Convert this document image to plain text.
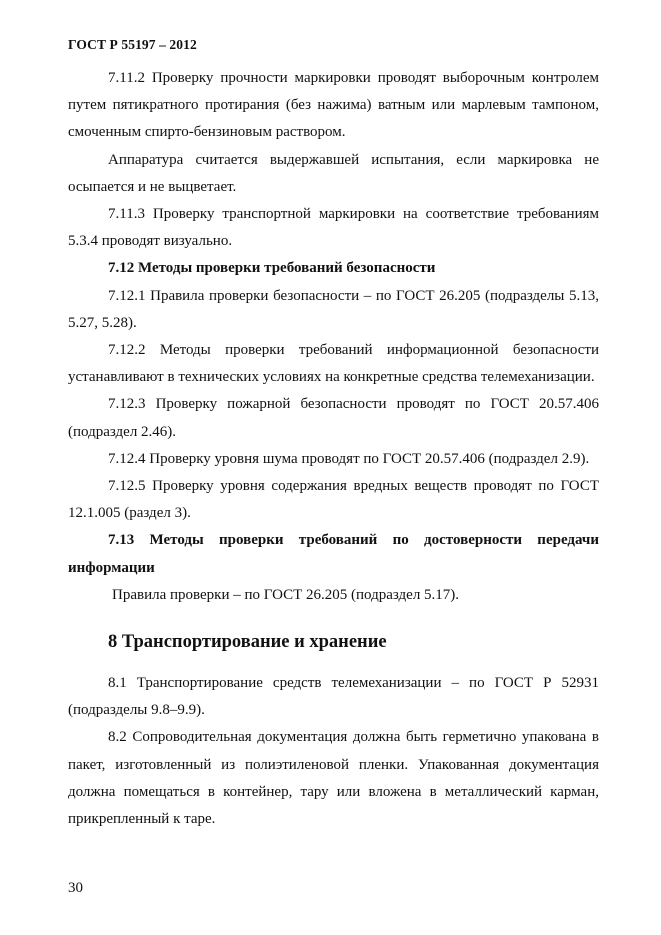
ГОСТ Р 55197 – 2012

7.11.2 Проверку прочности маркировки проводят выборочным контролем путем пятикратного протирания (без нажима) ватным или марлевым тампоном, смоченным спирто-бензиновым раствором.

Аппаратура считается выдержавшей испытания, если маркировка не осыпается и не выцветает.

7.11.3 Проверку транспортной маркировки на соответствие требованиям 5.3.4 проводят визуально.

7.12 Методы проверки требований безопасности

7.12.1 Правила проверки безопасности – по ГОСТ 26.205 (подразделы 5.13, 5.27, 5.28).

7.12.2 Методы проверки требований информационной безопасности устанавливают в технических условиях на конкретные средства телемеханизации.

7.12.3 Проверку пожарной безопасности проводят по ГОСТ 20.57.406 (подраздел 2.46).

7.12.4 Проверку уровня шума проводят по ГОСТ 20.57.406 (подраздел 2.9).

7.12.5 Проверку уровня содержания вредных веществ проводят по ГОСТ 12.1.005 (раздел 3).

7.13 Методы проверки требований по достоверности передачи информации

Правила проверки – по ГОСТ 26.205 (подраздел 5.17).

8 Транспортирование и хранение

8.1 Транспортирование средств телемеханизации – по ГОСТ Р 52931 (подразделы 9.8–9.9).

8.2 Сопроводительная документация должна быть герметично упакована в пакет, изготовленный из полиэтиленовой пленки. Упакованная документация должна помещаться в контейнер, тару или вложена в металлический карман, прикрепленный к таре.

30
